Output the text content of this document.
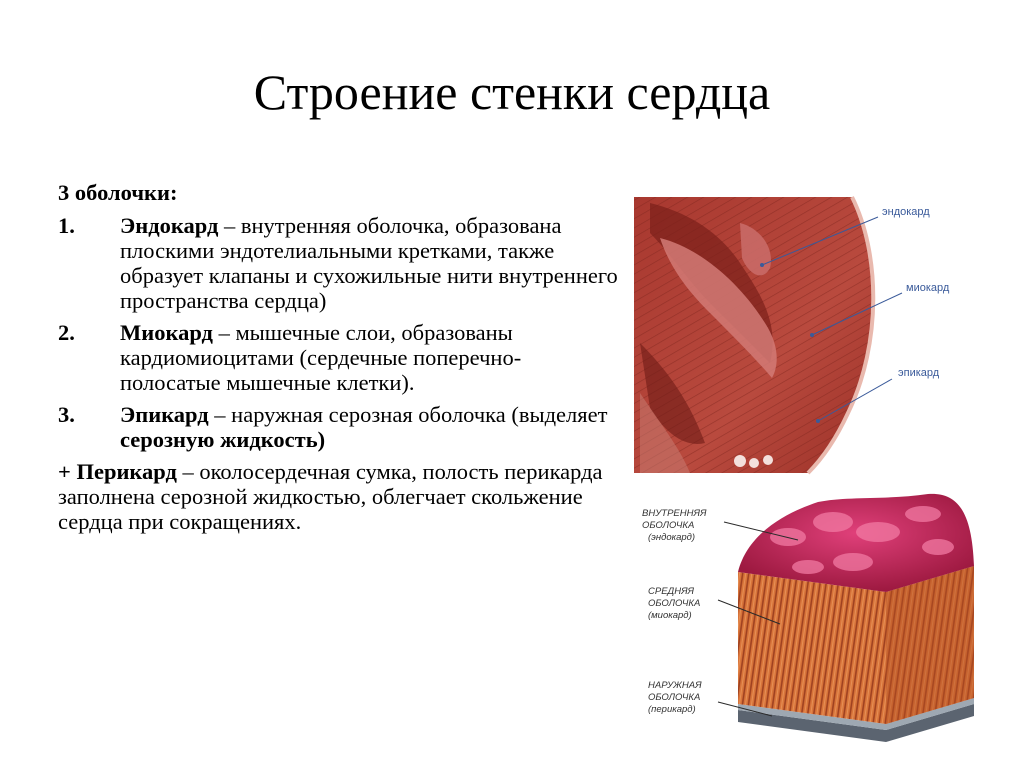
Строение стенки сердца
3 оболочки:
1.	Эндокард – внутренняя оболочка, образована плоскими эндотелиальными кретками, также образует клапаны и сухожильные нити внутреннего пространства сердца)
2.	Миокард – мышечные слои, образованы кардиомиоцитами (сердечные поперечно-полосатые мышечные клетки).
3.	Эпикард – наружная серозная оболочка (выделяет серозную жидкость)
+ Перикард – околосердечная сумка, полость перикарда заполнена серозной жидкостью, облегчает скольжение сердца при сокращениях.
эндокард
миокард
эпикард
ВНУТРЕННЯЯ
ОБОЛОЧКА
(эндокард)
СРЕДНЯЯ
ОБОЛОЧКА
(миокард)
НАРУЖНАЯ
ОБОЛОЧКА
(перикард)
